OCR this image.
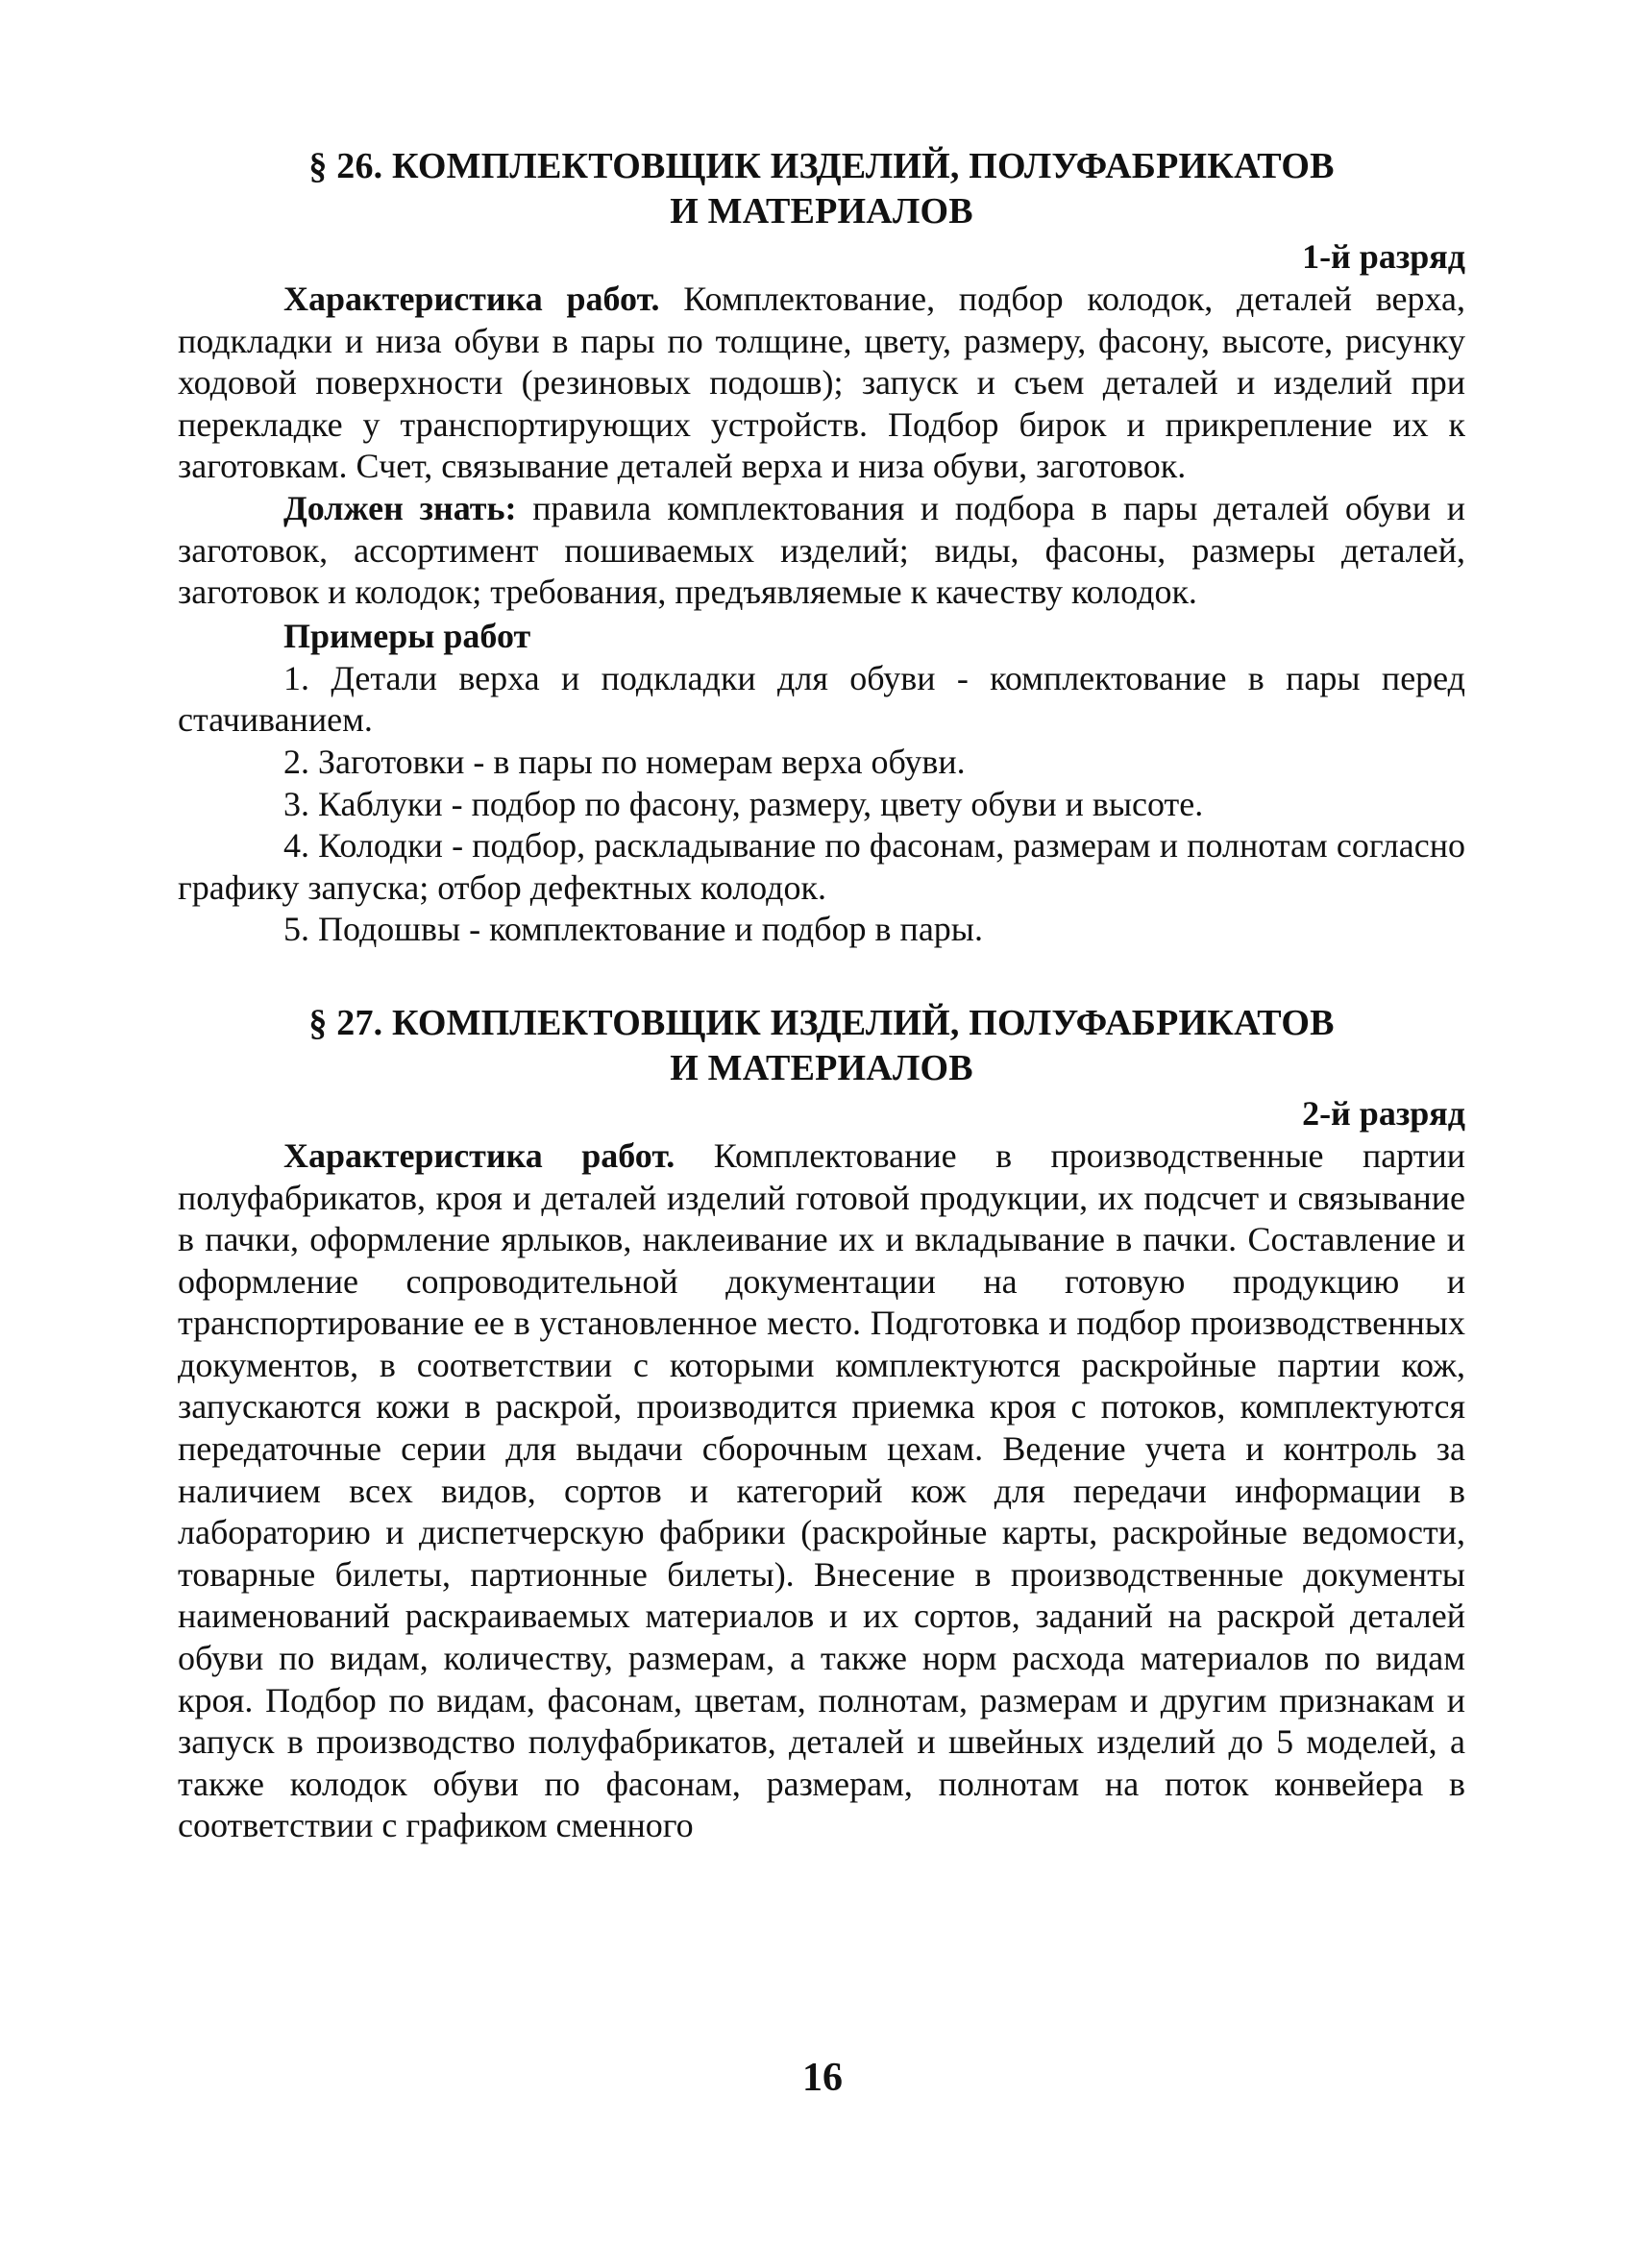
§ 26. КОМПЛЕКТОВЩИК ИЗДЕЛИЙ, ПОЛУФАБРИКАТОВ
И МАТЕРИАЛОВ

1-й разряд

Характеристика работ. Комплектование, подбор колодок, деталей верха, подкладки и низа обуви в пары по толщине, цвету, размеру, фасону, высоте, рисунку ходовой поверхности (резиновых подошв); запуск и съем деталей и изделий при перекладке у транспортирующих устройств. Подбор бирок и прикрепление их к заготовкам. Счет, связывание деталей верха и низа обуви, заготовок.

Должен знать: правила комплектования и подбора в пары деталей обуви и заготовок, ассортимент пошиваемых изделий; виды, фасоны, размеры деталей, заготовок и колодок; требования, предъявляемые к качеству колодок.

Примеры работ

1. Детали верха и подкладки для обуви - комплектование в пары перед стачиванием.

2. Заготовки - в пары по номерам верха обуви.

3. Каблуки - подбор по фасону, размеру, цвету обуви и высоте.

4. Колодки - подбор, раскладывание по фасонам, размерам и полнотам согласно графику запуска; отбор дефектных колодок.

5. Подошвы - комплектование и подбор в пары.

§ 27. КОМПЛЕКТОВЩИК ИЗДЕЛИЙ, ПОЛУФАБРИКАТОВ
И МАТЕРИАЛОВ

2-й разряд

Характеристика работ. Комплектование в производственные партии полуфабрикатов, кроя и деталей изделий готовой продукции, их подсчет и связывание в пачки, оформление ярлыков, наклеивание их и вкладывание в пачки. Составление и оформление сопроводительной документации на готовую продукцию и транспортирование ее в установленное место. Подготовка и подбор производственных документов, в соответствии с которыми комплектуются раскройные партии кож, запускаются кожи в раскрой, производится приемка кроя с потоков, комплектуются передаточные серии для выдачи сборочным цехам. Ведение учета и контроль за наличием всех видов, сортов и категорий кож для передачи информации в лабораторию и диспетчерскую фабрики (раскройные карты, раскройные ведомости, товарные билеты, партионные билеты). Внесение в производственные документы наименований раскраиваемых материалов и их сортов, заданий на раскрой деталей обуви по видам, количеству, размерам, а также норм расхода материалов по видам кроя. Подбор по видам, фасонам, цветам, полнотам, размерам и другим признакам и запуск в производство полуфабрикатов, деталей и швейных изделий до 5 моделей, а также колодок обуви по фасонам, размерам, полнотам на поток конвейера в соответствии с графиком сменного

16
